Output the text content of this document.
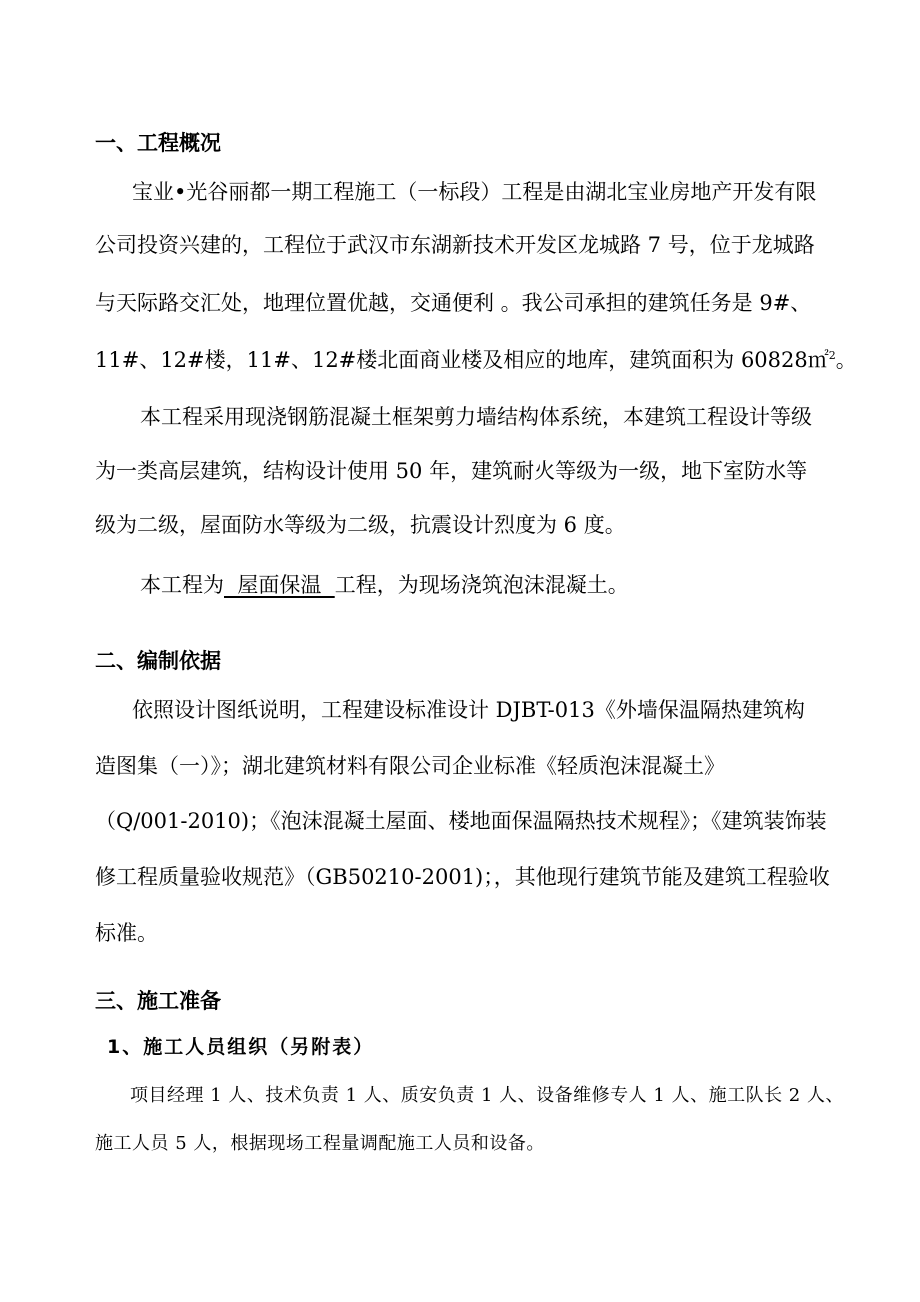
一、工程概况
宝业•光谷丽都一期工程施工（一标段）工程是由湖北宝业房地产开发有限
公司投资兴建的，工程位于武汉市东湖新技术开发区龙城路 7 号，位于龙城路
与天际路交汇处，地理位置优越，交通便利 。我公司承担的建筑任务是 9#、
11#、12#楼，11#、12#楼北面商业楼及相应的地库，建筑面积为 60828㎡$^2$。
本工程采用现浇钢筋混凝土框架剪力墙结构体系统，本建筑工程设计等级
为一类高层建筑，结构设计使用 50 年，建筑耐火等级为一级，地下室防水等
级为二级，屋面防水等级为二级，抗震设计烈度为 6 度。
本工程为  屋面保温  工程，为现场浇筑泡沫混凝土。
二、编制依据
依照设计图纸说明，工程建设标准设计 DJBT-013《外墙保温隔热建筑构
造图集（一）》；湖北建筑材料有限公司企业标准《轻质泡沫混凝土》
（Q/001-2010)；《泡沫混凝土屋面、楼地面保温隔热技术规程》；《建筑装饰装
修工程质量验收规范》（GB50210-2001)；，其他现行建筑节能及建筑工程验收
标准。
三、施工准备
1、施工人员组织（另附表）
项目经理 1 人、技术负责 1 人、质安负责 1 人、设备维修专人 1 人、施工队长 2 人、
施工人员 5 人，根据现场工程量调配施工人员和设备。
